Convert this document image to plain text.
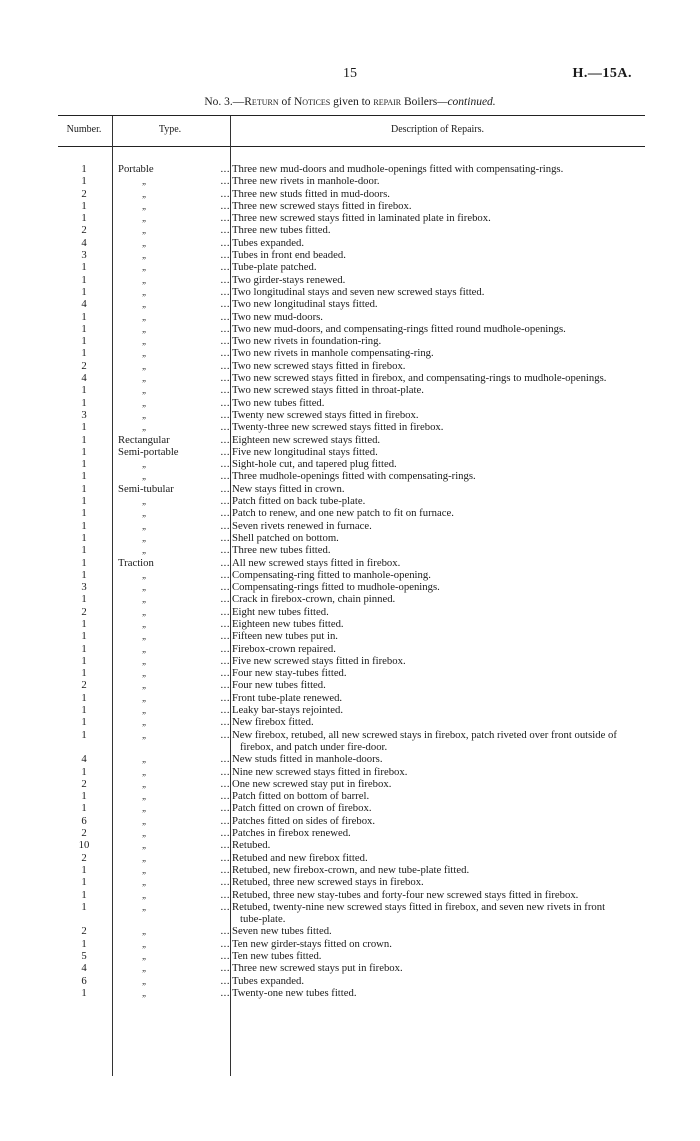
15	H.—15A.
No. 3.—Return of Notices given to repair Boilers—continued.
Number.	Type.	Description of Repairs.
1	Portable	... Three new mud-doors and mudhole-openings fitted with compensating-rings.
1	„	... Three new rivets in manhole-door.
2	„	... Three new studs fitted in mud-doors.
1	„	... Three new screwed stays fitted in firebox.
1	„	... Three new screwed stays fitted in laminated plate in firebox.
2	„	... Three new tubes fitted.
4	„	... Tubes expanded.
3	„	... Tubes in front end beaded.
1	„	... Tube-plate patched.
1	„	... Two girder-stays renewed.
1	„	... Two longitudinal stays and seven new screwed stays fitted.
4	„	... Two new longitudinal stays fitted.
1	„	... Two new mud-doors.
1	„	... Two new mud-doors, and compensating-rings fitted round mudhole-openings.
1	„	... Two new rivets in foundation-ring.
1	„	... Two new rivets in manhole compensating-ring.
2	„	... Two new screwed stays fitted in firebox.
4	„	... Two new screwed stays fitted in firebox, and compensating-rings to mudhole-openings.
1	„	... Two new screwed stays fitted in throat-plate.
1	„	... Two new tubes fitted.
3	„	... Twenty new screwed stays fitted in firebox.
1	„	... Twenty-three new screwed stays fitted in firebox.
1	Rectangular	... Eighteen new screwed stays fitted.
1	Semi-portable	... Five new longitudinal stays fitted.
1	„	... Sight-hole cut, and tapered plug fitted.
1	„	... Three mudhole-openings fitted with compensating-rings.
1	Semi-tubular	... New stays fitted in crown.
1	„	... Patch fitted on back tube-plate.
1	„	... Patch to renew, and one new patch to fit on furnace.
1	„	... Seven rivets renewed in furnace.
1	„	... Shell patched on bottom.
1	„	... Three new tubes fitted.
1	Traction	... All new screwed stays fitted in firebox.
1	„	... Compensating-ring fitted to manhole-opening.
3	„	... Compensating-rings fitted to mudhole-openings.
1	„	... Crack in firebox-crown, chain pinned.
2	„	... Eight new tubes fitted.
1	„	... Eighteen new tubes fitted.
1	„	... Fifteen new tubes put in.
1	„	... Firebox-crown repaired.
1	„	... Five new screwed stays fitted in firebox.
1	„	... Four new stay-tubes fitted.
2	„	... Four new tubes fitted.
1	„	... Front tube-plate renewed.
1	„	... Leaky bar-stays rejointed.
1	„	... New firebox fitted.
1	„	... New firebox, retubed, all new screwed stays in firebox, patch riveted over front outside of firebox, and patch under fire-door.
4	„	... New studs fitted in manhole-doors.
1	„	... Nine new screwed stays fitted in firebox.
2	„	... One new screwed stay put in firebox.
1	„	... Patch fitted on bottom of barrel.
1	„	... Patch fitted on crown of firebox.
6	„	... Patches fitted on sides of firebox.
2	„	... Patches in firebox renewed.
10	„	... Retubed.
2	„	... Retubed and new firebox fitted.
1	„	... Retubed, new firebox-crown, and new tube-plate fitted.
1	„	... Retubed, three new screwed stays in firebox.
1	„	... Retubed, three new stay-tubes and forty-four new screwed stays fitted in firebox.
1	„	... Retubed, twenty-nine new screwed stays fitted in firebox, and seven new rivets in front tube-plate.
2	„	... Seven new tubes fitted.
1	„	... Ten new girder-stays fitted on crown.
5	„	... Ten new tubes fitted.
4	„	... Three new screwed stays put in firebox.
6	„	... Tubes expanded.
1	„	... Twenty-one new tubes fitted.
